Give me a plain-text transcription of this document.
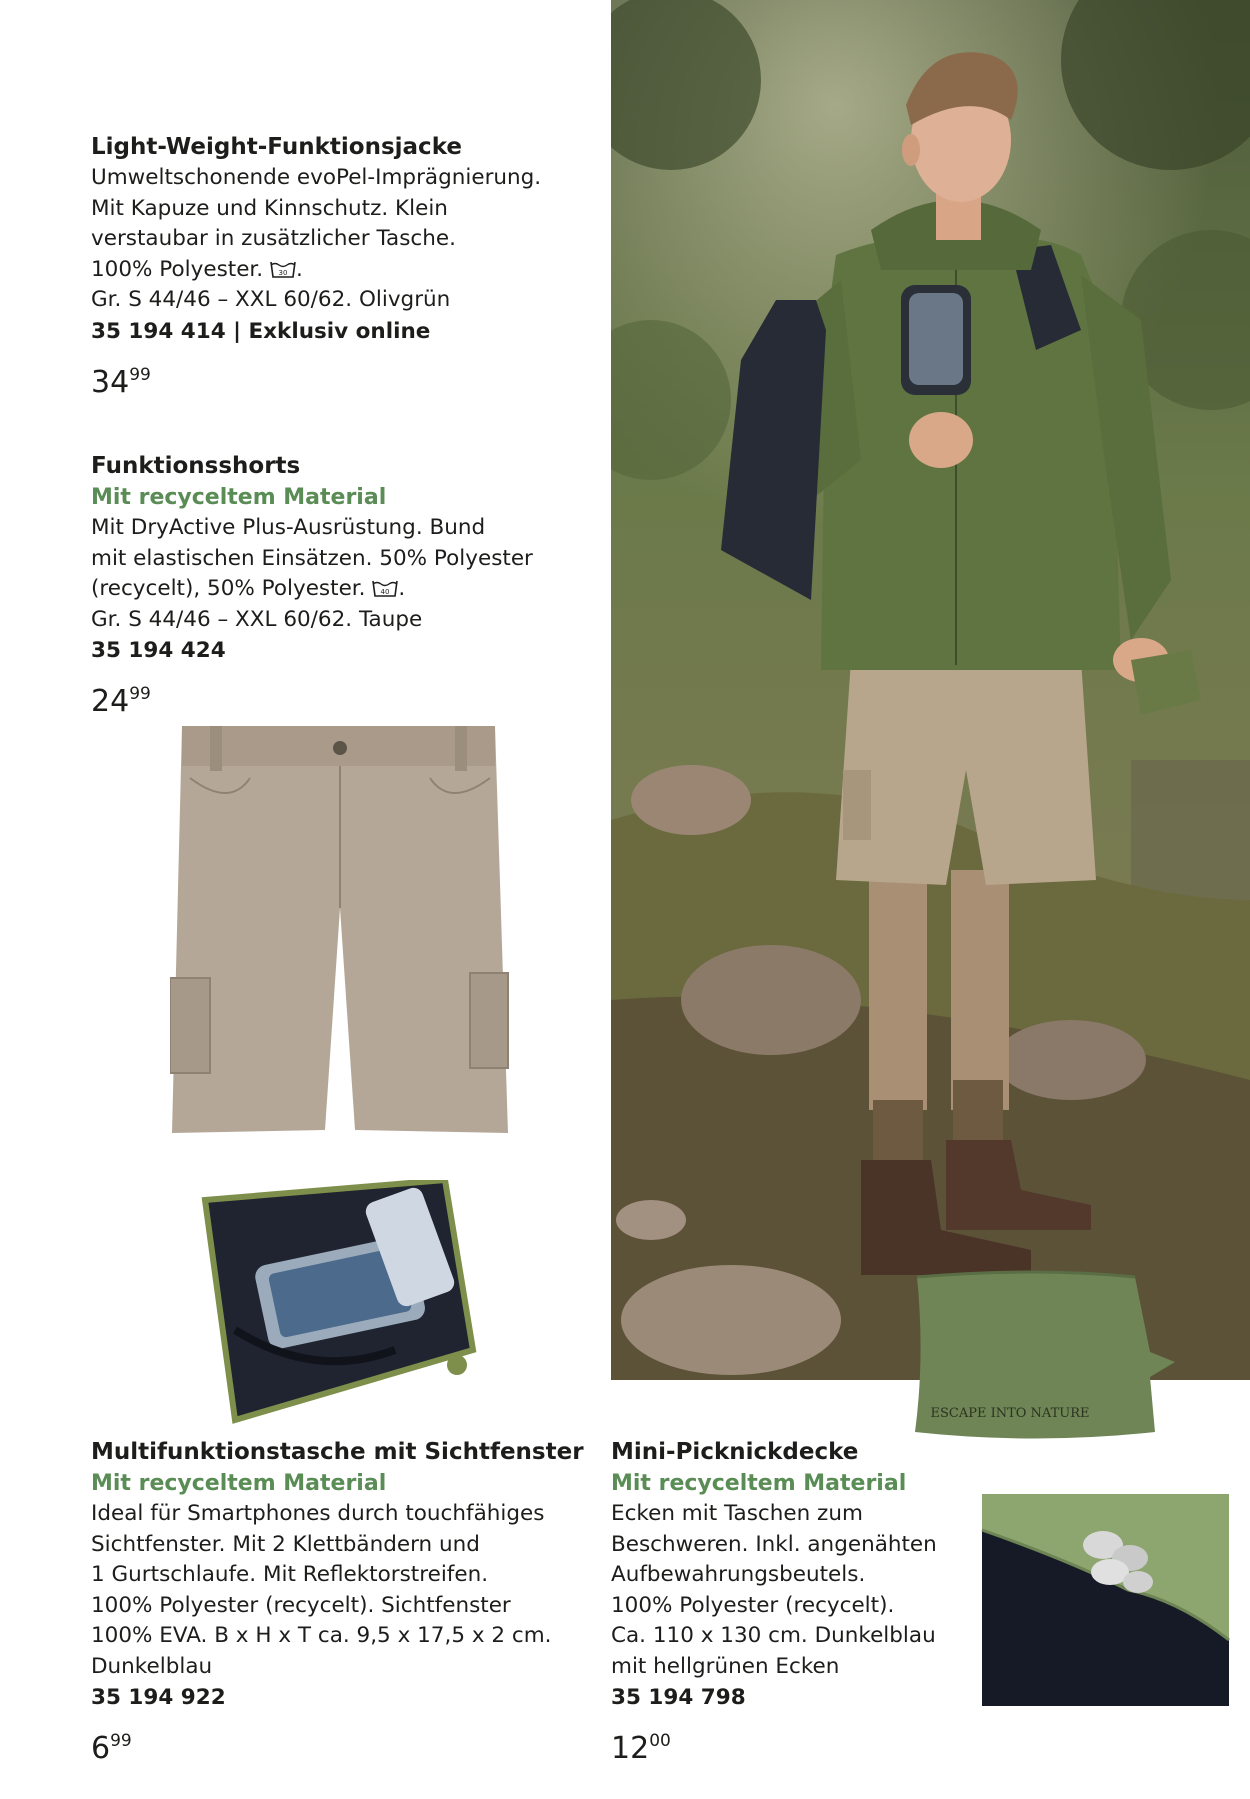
Light-Weight-Funktionsjacke
Umweltschonende evoPel-Imprägnierung.
Mit Kapuze und Kinnschutz. Klein
verstaubar in zusätzlicher Tasche.
100% Polyester. 30 .
Gr. S 44/46 – XXL 60/62. Olivgrün
35 194 414 | Exklusiv online
$34^{99}$
Funktionsshorts
Mit recyceltem Material
Mit DryActive Plus-Ausrüstung. Bund
mit elastischen Einsätzen. 50% Polyester
(recycelt), 50% Polyester. 40 .
Gr. S 44/46 – XXL 60/62. Taupe
35 194 424
$24^{99}$
ESCAPE INTO NATURE
Multifunktionstasche mit Sichtfenster
Mit recyceltem Material
Ideal für Smartphones durch touchfähiges
Sichtfenster. Mit 2 Klettbändern und
1 Gurtschlaufe. Mit Reflektorstreifen.
100% Polyester (recycelt). Sichtfenster
100% EVA. B x H x T ca. 9,5 x 17,5 x 2 cm.
Dunkelblau
35 194 922
$6^{99}$
Mini-Picknickdecke
Mit recyceltem Material
Ecken mit Taschen zum
Beschweren. Inkl. angenähten
Aufbewahrungsbeutels.
100% Polyester (recycelt).
Ca. 110 x 130 cm. Dunkelblau
mit hellgrünen Ecken
35 194 798
$12^{00}$
